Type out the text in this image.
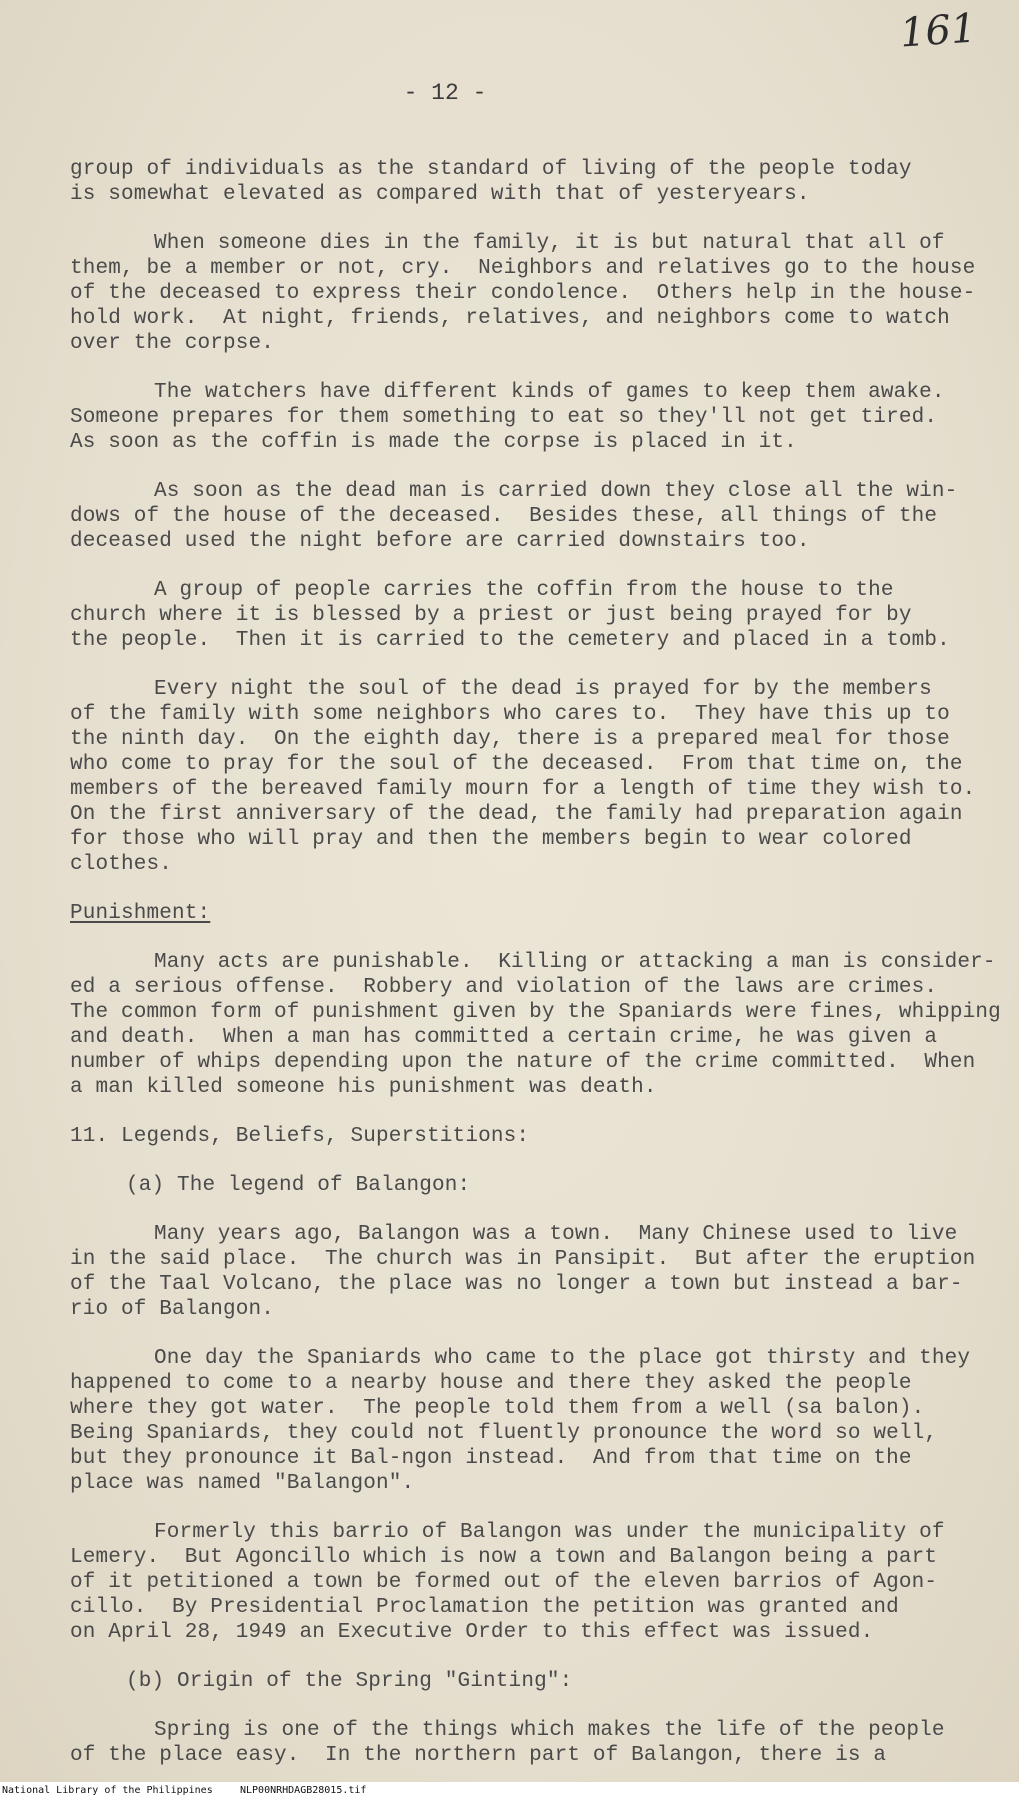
161
- 12 -
group of individuals as the standard of living of the people today
is somewhat elevated as compared with that of yesteryears.
When someone dies in the family, it is but natural that all of
them, be a member or not, cry.  Neighbors and relatives go to the house
of the deceased to express their condolence.  Others help in the house-
hold work.  At night, friends, relatives, and neighbors come to watch
over the corpse.
The watchers have different kinds of games to keep them awake.
Someone prepares for them something to eat so they'll not get tired.
As soon as the coffin is made the corpse is placed in it.
As soon as the dead man is carried down they close all the win-
dows of the house of the deceased.  Besides these, all things of the
deceased used the night before are carried downstairs too.
A group of people carries the coffin from the house to the
church where it is blessed by a priest or just being prayed for by
the people.  Then it is carried to the cemetery and placed in a tomb.
Every night the soul of the dead is prayed for by the members
of the family with some neighbors who cares to.  They have this up to
the ninth day.  On the eighth day, there is a prepared meal for those
who come to pray for the soul of the deceased.  From that time on, the
members of the bereaved family mourn for a length of time they wish to.
On the first anniversary of the dead, the family had preparation again
for those who will pray and then the members begin to wear colored
clothes.
Punishment:
Many acts are punishable.  Killing or attacking a man is consider-
ed a serious offense.  Robbery and violation of the laws are crimes.
The common form of punishment given by the Spaniards were fines, whipping
and death.  When a man has committed a certain crime, he was given a
number of whips depending upon the nature of the crime committed.  When
a man killed someone his punishment was death.
11. Legends, Beliefs, Superstitions:
(a) The legend of Balangon:
Many years ago, Balangon was a town.  Many Chinese used to live
in the said place.  The church was in Pansipit.  But after the eruption
of the Taal Volcano, the place was no longer a town but instead a bar-
rio of Balangon.
One day the Spaniards who came to the place got thirsty and they
happened to come to a nearby house and there they asked the people
where they got water.  The people told them from a well (sa balon).
Being Spaniards, they could not fluently pronounce the word so well,
but they pronounce it Bal-ngon instead.  And from that time on the
place was named "Balangon".
Formerly this barrio of Balangon was under the municipality of
Lemery.  But Agoncillo which is now a town and Balangon being a part
of it petitioned a town be formed out of the eleven barrios of Agon-
cillo.  By Presidential Proclamation the petition was granted and
on April 28, 1949 an Executive Order to this effect was issued.
(b) Origin of the Spring "Ginting":
Spring is one of the things which makes the life of the people
of the place easy.  In the northern part of Balangon, there is a
National Library of the Philippines	NLP00NRHDAGB28015.tif
